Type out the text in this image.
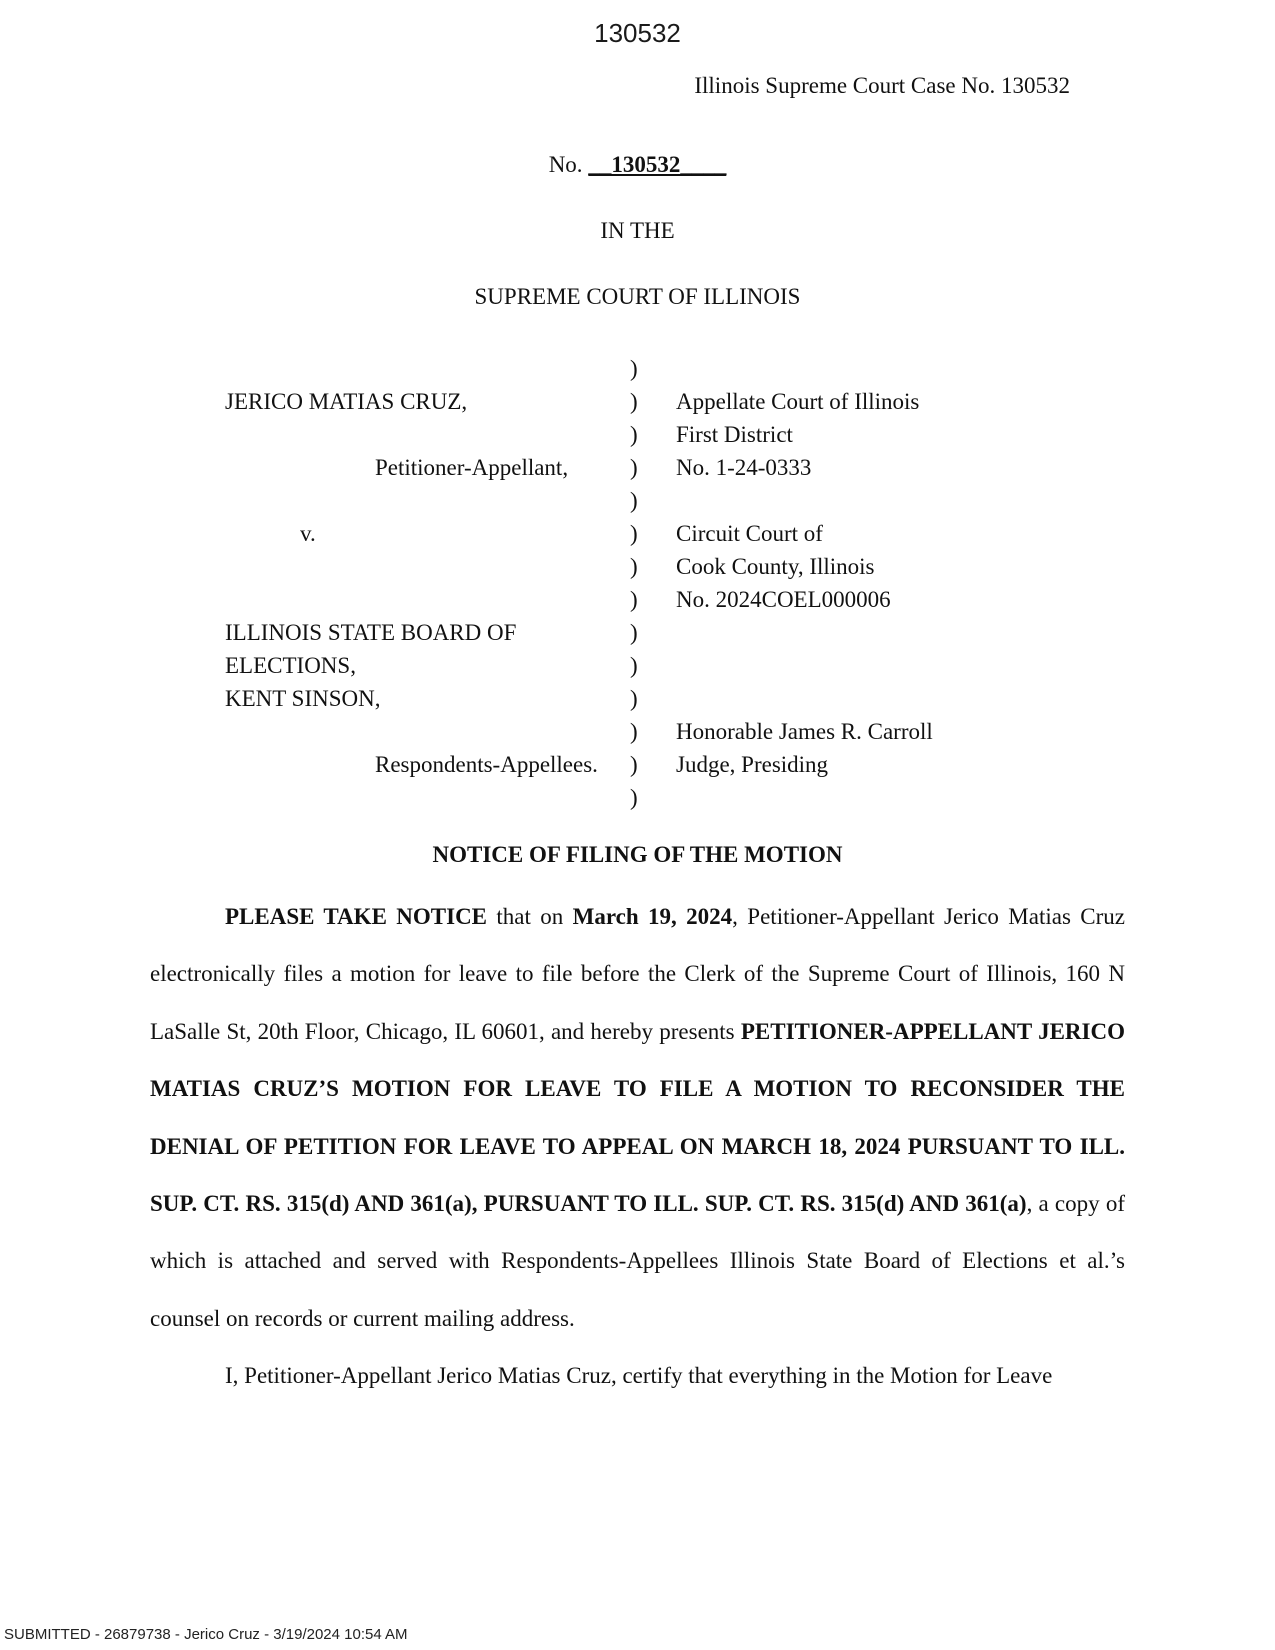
130532
Illinois Supreme Court Case No. 130532
No. __130532____
IN THE
SUPREME COURT OF ILLINOIS
JERICO MATIAS CRUZ,
Petitioner-Appellant,
v.
ILLINOIS STATE BOARD OF
ELECTIONS,
KENT SINSON,
Respondents-Appellees.
)
)
)
)
)
)
)
)
)
)
)
)
)
)
Appellate Court of Illinois
First District
No. 1-24-0333
Circuit Court of
Cook County, Illinois
No. 2024COEL000006
Honorable James R. Carroll
Judge, Presiding
NOTICE OF FILING OF THE MOTION

PLEASE TAKE NOTICE that on March 19, 2024, Petitioner-Appellant Jerico Matias Cruz electronically files a motion for leave to file before the Clerk of the Supreme Court of Illinois, 160 N LaSalle St, 20th Floor, Chicago, IL 60601, and hereby presents PETITIONER-APPELLANT JERICO MATIAS CRUZ’S MOTION FOR LEAVE TO FILE A MOTION TO RECONSIDER THE DENIAL OF PETITION FOR LEAVE TO APPEAL ON MARCH 18, 2024 PURSUANT TO ILL. SUP. CT. RS. 315(d) AND 361(a), PURSUANT TO ILL. SUP. CT. RS. 315(d) AND 361(a), a copy of which is attached and served with Respondents-Appellees Illinois State Board of Elections et al.’s counsel on records or current mailing address.

I, Petitioner-Appellant Jerico Matias Cruz, certify that everything in the Motion for Leave

SUBMITTED - 26879738 - Jerico Cruz - 3/19/2024 10:54 AM
